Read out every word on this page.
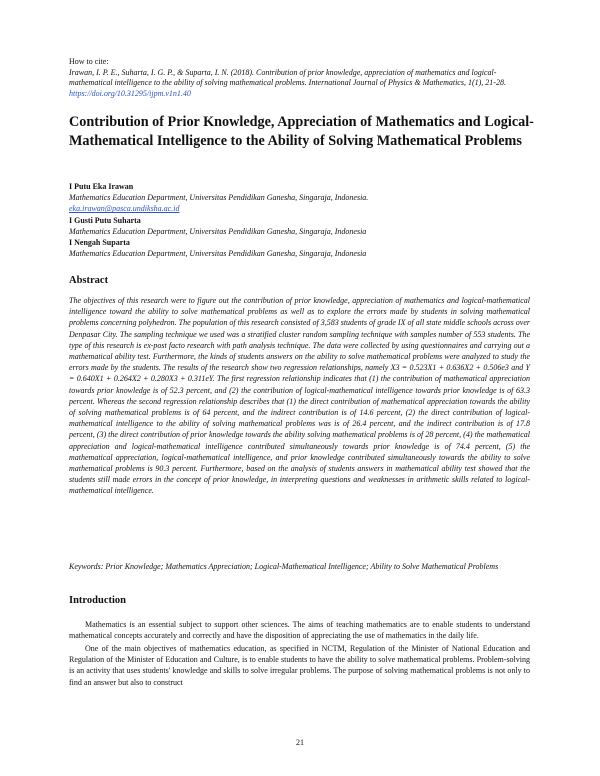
How to cite:
Irawan, I. P. E., Suharta, I. G. P., & Suparta, I. N. (2018). Contribution of prior knowledge, appreciation of mathematics and logical-mathematical intelligence to the ability of solving mathematical problems. International Journal of Physics & Mathematics, 1(1), 21-28. https://doi.org/10.31295/ijpm.v1n1.40
Contribution of Prior Knowledge, Appreciation of Mathematics and Logical-Mathematical Intelligence to the Ability of Solving Mathematical Problems
I Putu Eka Irawan
Mathematics Education Department, Universitas Pendidikan Ganesha, Singaraja, Indonesia.
eka.irawan@pasca.undiksha.ac.id
I Gusti Putu Suharta
Mathematics Education Department, Universitas Pendidikan Ganesha, Singaraja, Indonesia
I Nengah Suparta
Mathematics Education Department, Universitas Pendidikan Ganesha, Singaraja, Indonesia
Abstract

The objectives of this research were to figure out the contribution of prior knowledge, appreciation of mathematics and logical-mathematical intelligence toward the ability to solve mathematical problems as well as to explore the errors made by students in solving mathematical problems concerning polyhedron. The population of this research consisted of 3,583 students of grade IX of all state middle schools across over Denpasar City. The sampling technique we used was a stratified cluster random sampling technique with samples number of 553 students. The type of this research is ex-post facto research with path analysis technique. The data were collected by using questionnaires and carrying out a mathematical ability test. Furthermore, the kinds of students answers on the ability to solve mathematical problems were analyzed to study the errors made by the students. The results of the research show two regression relationships, namely X3 = 0.523X1 + 0.636X2 + 0.506e3 and Y = 0.640X1 + 0.264X2 + 0.280X3 + 0.311eY. The first regression relationship indicates that (1) the contribution of mathematical appreciation towards prior knowledge is of 52.3 percent, and (2) the contribution of logical-mathematical intelligence towards prior knowledge is of 63.3 percent. Whereas the second regression relationship describes that (1) the direct contribution of mathematical appreciation towards the ability of solving mathematical problems is of 64 percent, and the indirect contribution is of 14.6 percent, (2) the direct contribution of logical-mathematical intelligence to the ability of solving mathematical problems was is of 26.4 percent, and the indirect contribution is of 17.8 percent, (3) the direct contribution of prior knowledge towards the ability solving mathematical problems is of 28 percent, (4) the mathematical appreciation and logical-mathematical intelligence contributed simultaneously towards prior knowledge is of 74.4 percent, (5) the mathematical appreciation, logical-mathematical intelligence, and prior knowledge contributed simultaneously towards the ability to solve mathematical problems is 90.3 percent. Furthermore, based on the analysis of students answers in mathematical ability test showed that the students still made errors in the concept of prior knowledge, in interpreting questions and weaknesses in arithmetic skills related to logical-mathematical intelligence.

Keywords: Prior Knowledge; Mathematics Appreciation; Logical-Mathematical Intelligence; Ability to Solve Mathematical Problems
Introduction

Mathematics is an essential subject to support other sciences. The aims of teaching mathematics are to enable students to understand mathematical concepts accurately and correctly and have the disposition of appreciating the use of mathematics in the daily life.

One of the main objectives of mathematics education, as specified in NCTM, Regulation of the Minister of National Education and Regulation of the Minister of Education and Culture, is to enable students to have the ability to solve mathematical problems. Problem-solving is an activity that uses students' knowledge and skills to solve irregular problems. The purpose of solving mathematical problems is not only to find an answer but also to construct

21
